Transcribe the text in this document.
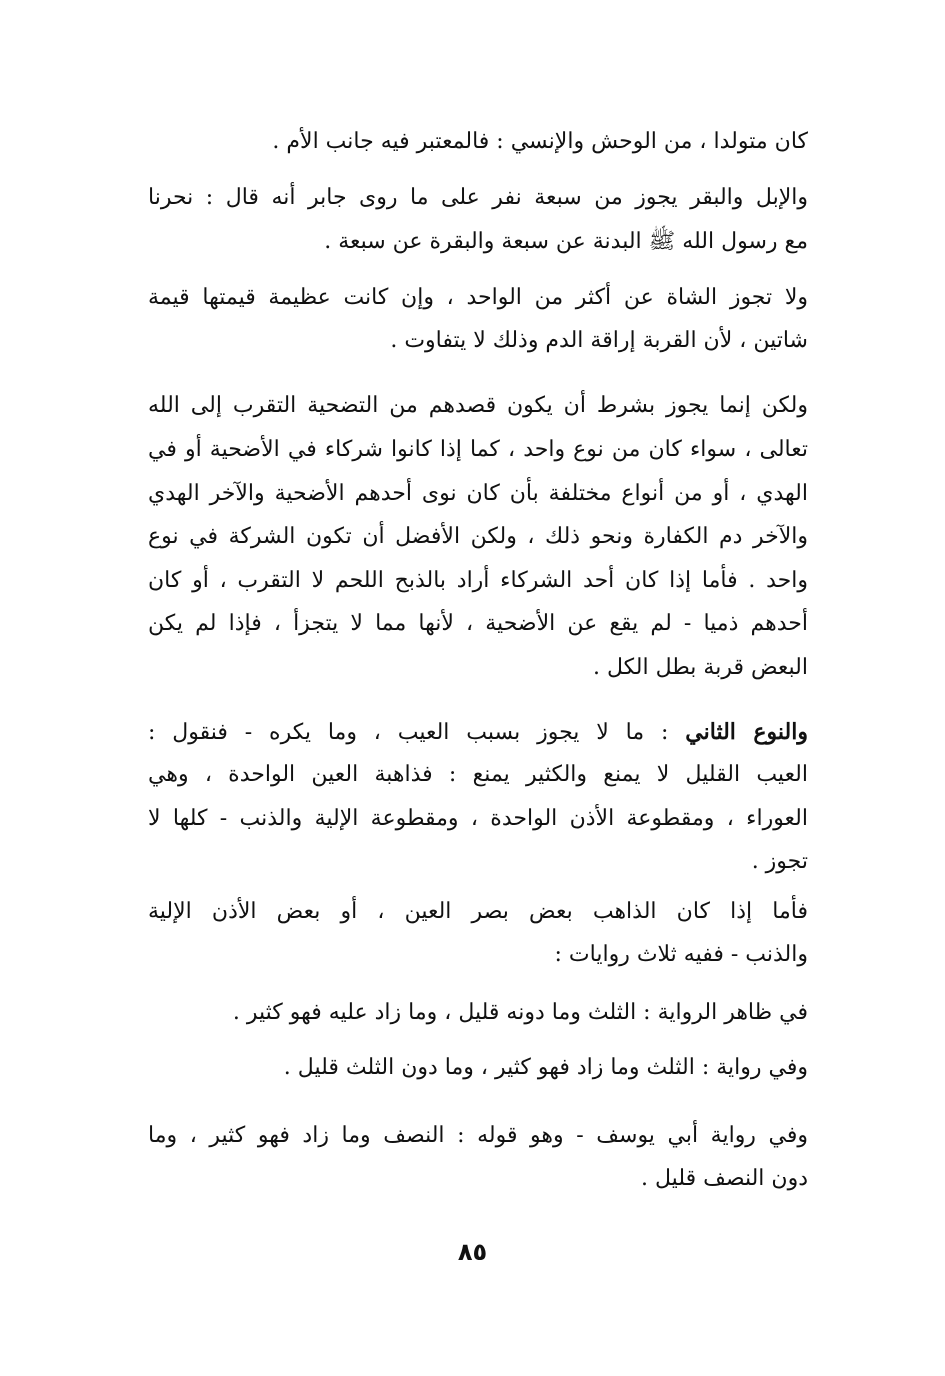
كان متولدا ، من الوحش والإنسي : فالمعتبر فيه جانب الأم .
والإبل والبقر يجوز من سبعة نفر على ما روى جابر أنه قال : نحرنا
مع رسول الله ﷺ البدنة عن سبعة والبقرة عن سبعة .
ولا تجوز الشاة عن أكثر من الواحد ، وإن كانت عظيمة قيمتها قيمة
شاتين ، لأن القربة إراقة الدم وذلك لا يتفاوت .
ولكن إنما يجوز بشرط أن يكون قصدهم من التضحية التقرب إلى الله
تعالى ، سواء كان من نوع واحد ، كما إذا كانوا شركاء في الأضحية أو في
الهدي ، أو من أنواع مختلفة بأن كان نوى أحدهم الأضحية والآخر الهدي
والآخر دم الكفارة ونحو ذلك ، ولكن الأفضل أن تكون الشركة في نوع
واحد . فأما إذا كان أحد الشركاء أراد بالذبح اللحم لا التقرب ، أو كان
أحدهم ذميا - لم يقع عن الأضحية ، لأنها مما لا يتجزأ ، فإذا لم يكن
البعض قربة بطل الكل .
والنوع الثاني : ما لا يجوز بسبب العيب ، وما يكره - فنقول :
العيب القليل لا يمنع والكثير يمنع : فذاهبة العين الواحدة ، وهي
العوراء ، ومقطوعة الأذن الواحدة ، ومقطوعة الإلية والذنب - كلها لا
تجوز .
فأما إذا كان الذاهب بعض بصر العين ، أو بعض الأذن الإلية
والذنب - ففيه ثلاث روايات :
في ظاهر الرواية : الثلث وما دونه قليل ، وما زاد عليه فهو كثير .
وفي رواية : الثلث وما زاد فهو كثير ، وما دون الثلث قليل .
وفي رواية أبي يوسف - وهو قوله : النصف وما زاد فهو كثير ، وما
دون النصف قليل .
٨٥
